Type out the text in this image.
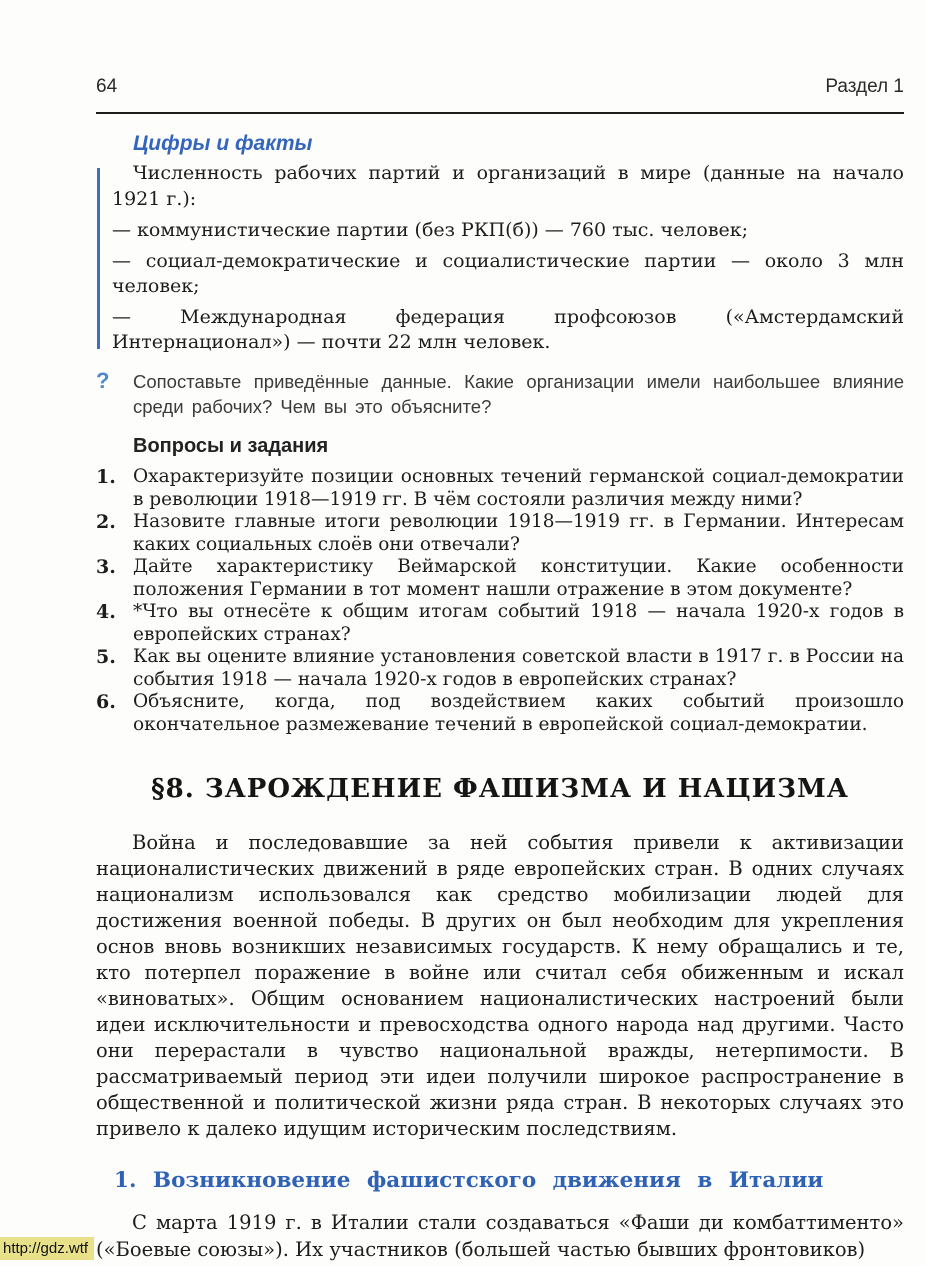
64	Раздел 1
Цифры и факты
Численность рабочих партий и организаций в мире (данные на начало 1921 г.):
— коммунистические партии (без РКП(б)) — 760 тыс. человек;
— социал-демократические и социалистические партии — около 3 млн человек;
— Международная федерация профсоюзов («Амстердамский Интернационал») — почти 22 млн человек.
?	Сопоставьте приведённые данные. Какие организации имели наибольшее влияние среди рабочих? Чем вы это объясните?
Вопросы и задания
1. Охарактеризуйте позиции основных течений германской социал-демократии в революции 1918—1919 гг. В чём состояли различия между ними?
2. Назовите главные итоги революции 1918—1919 гг. в Германии. Интересам каких социальных слоёв они отвечали?
3. Дайте характеристику Веймарской конституции. Какие особенности положения Германии в тот момент нашли отражение в этом документе?
4. *Что вы отнесёте к общим итогам событий 1918 — начала 1920-х годов в европейских странах?
5. Как вы оцените влияние установления советской власти в 1917 г. в России на события 1918 — начала 1920-х годов в европейских странах?
6. Объясните, когда, под воздействием каких событий произошло окончательное размежевание течений в европейской социал-демократии.
§8. ЗАРОЖДЕНИЕ ФАШИЗМА И НАЦИЗМА
Война и последовавшие за ней события привели к активизации националистических движений в ряде европейских стран. В одних случаях национализм использовался как средство мобилизации людей для достижения военной победы. В других он был необходим для укрепления основ вновь возникших независимых государств. К нему обращались и те, кто потерпел поражение в войне или считал себя обиженным и искал «виноватых». Общим основанием националистических настроений были идеи исключительности и превосходства одного народа над другими. Часто они перерастали в чувство национальной вражды, нетерпимости. В рассматриваемый период эти идеи получили широкое распространение в общественной и политической жизни ряда стран. В некоторых случаях это привело к далеко идущим историческим последствиям.
1. Возникновение фашистского движения в Италии
С марта 1919 г. в Италии стали создаваться «Фаши ди комбаттименто» («Боевые союзы»). Их участников (большей частью бывших фронтовиков)
http://gdz.wtf
